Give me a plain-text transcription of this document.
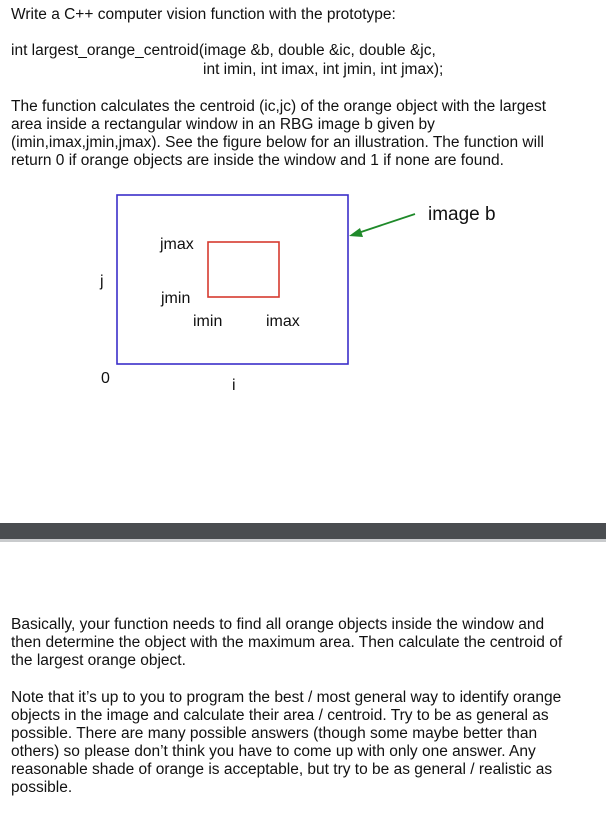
Write a C++ computer vision function with the prototype:

int largest_orange_centroid(image &b, double &ic, double &jc,

int imin, int imax, int jmin, int jmax);

The function calculates the centroid (ic,jc) of the orange object with the largest

area inside a rectangular window in an RBG image b given by

(imin,imax,jmin,jmax). See the figure below for an illustration. The function will

return 0 if orange objects are inside the window and 1 if none are found.

image b
jmax
jmin
imin	imax
j
0	i

Basically, your function needs to find all orange objects inside the window and

then determine the object with the maximum area. Then calculate the centroid of

the largest orange object.

Note that it’s up to you to program the best / most general way to identify orange

objects in the image and calculate their area / centroid. Try to be as general as

possible. There are many possible answers (though some maybe better than

others) so please don’t think you have to come up with only one answer. Any

reasonable shade of orange is acceptable, but try to be as general / realistic as

possible.
